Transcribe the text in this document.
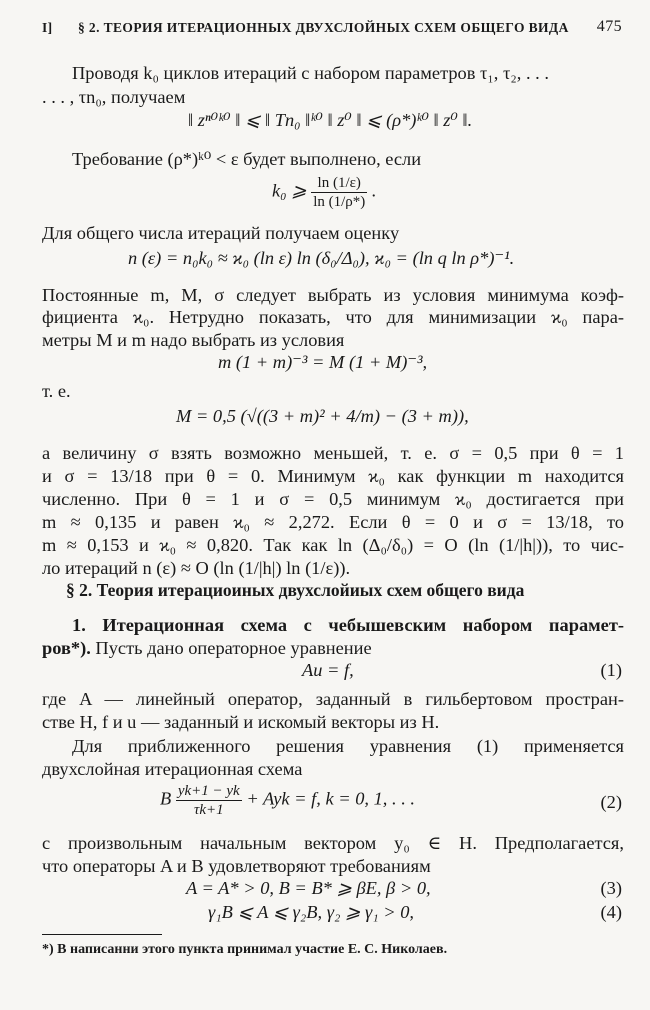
I] § 2. ТЕОРИЯ ИТЕРАЦИОННЫХ ДВУХСЛОЙНЫХ СХЕМ ОБЩЕГО ВИДА 475
Проводя k₀ циклов итераций с набором параметров τ₁, τ₂, . . .
. . . , τn₀, получаем
‖ zⁿ⁰ᵏ⁰ ‖ ⩽ ‖ Tn₀ ‖ᵏ⁰ ‖ z⁰ ‖ ⩽ (ρ*)ᵏ⁰ ‖ z⁰ ‖.
Требование (ρ*)ᵏ⁰ < ε будет выполнено, если
k₀ ⩾ $\frac{\ln (1/\varepsilon)}{\ln (1/\rho*)}$ .
Для общего числа итераций получаем оценку
n (ε) = n₀k₀ ≈ ϰ₀ (ln ε) ln (δ₀/Δ₀), ϰ₀ = (ln q ln ρ*)⁻¹.
Постоянные m, M, σ следует выбрать из условия минимума коэф-
фициента ϰ₀. Нетрудно показать, что для минимизации ϰ₀ пара-
метры M и m надо выбрать из условия
m (1 + m)⁻³ = M (1 + M)⁻³,
т. е.
M = 0,5 (√((3 + m)² + 4/m) − (3 + m)),
а величину σ взять возможно меньшей, т. е. σ = 0,5 при θ = 1
и σ = 13/18 при θ = 0. Минимум ϰ₀ как функции m находится
численно. При θ = 1 и σ = 0,5 минимум ϰ₀ достигается при
m ≈ 0,135 и равен ϰ₀ ≈ 2,272. Если θ = 0 и σ = 13/18, то
m ≈ 0,153 и ϰ₀ ≈ 0,820. Так как ln (Δ₀/δ₀) = O (ln (1/|h|)), то чис-
ло итераций n (ε) ≈ O (ln (1/|h|) ln (1/ε)).
§ 2. Теория итерациоиных двухслойиых схем общего вида
1. Итерационная схема с чебышевским набором парамет-
ров*). Пусть дано операторное уравнение
Au = f,	(1)
где A — линейный оператор, заданный в гильбертовом простран-
стве H, f и u — заданный и искомый векторы из H.
Для приближенного решения уравнения (1) применяется
двухслойная итерационная схема
B $\frac{yk+1 - yk}{\tau k+1}$ + Ayk = f, k = 0, 1, . . .	(2)
с произвольным начальным вектором y₀ ∈ H. Предполагается,
что операторы A и B удовлетворяют требованиям
A = A* > 0, B = B* ⩾ βE, β > 0,	(3)
γ₁B ⩽ A ⩽ γ₂B, γ₂ ⩾ γ₁ > 0,	(4)
*) В написанни этого пункта принимал участие Е. С. Николаев.
